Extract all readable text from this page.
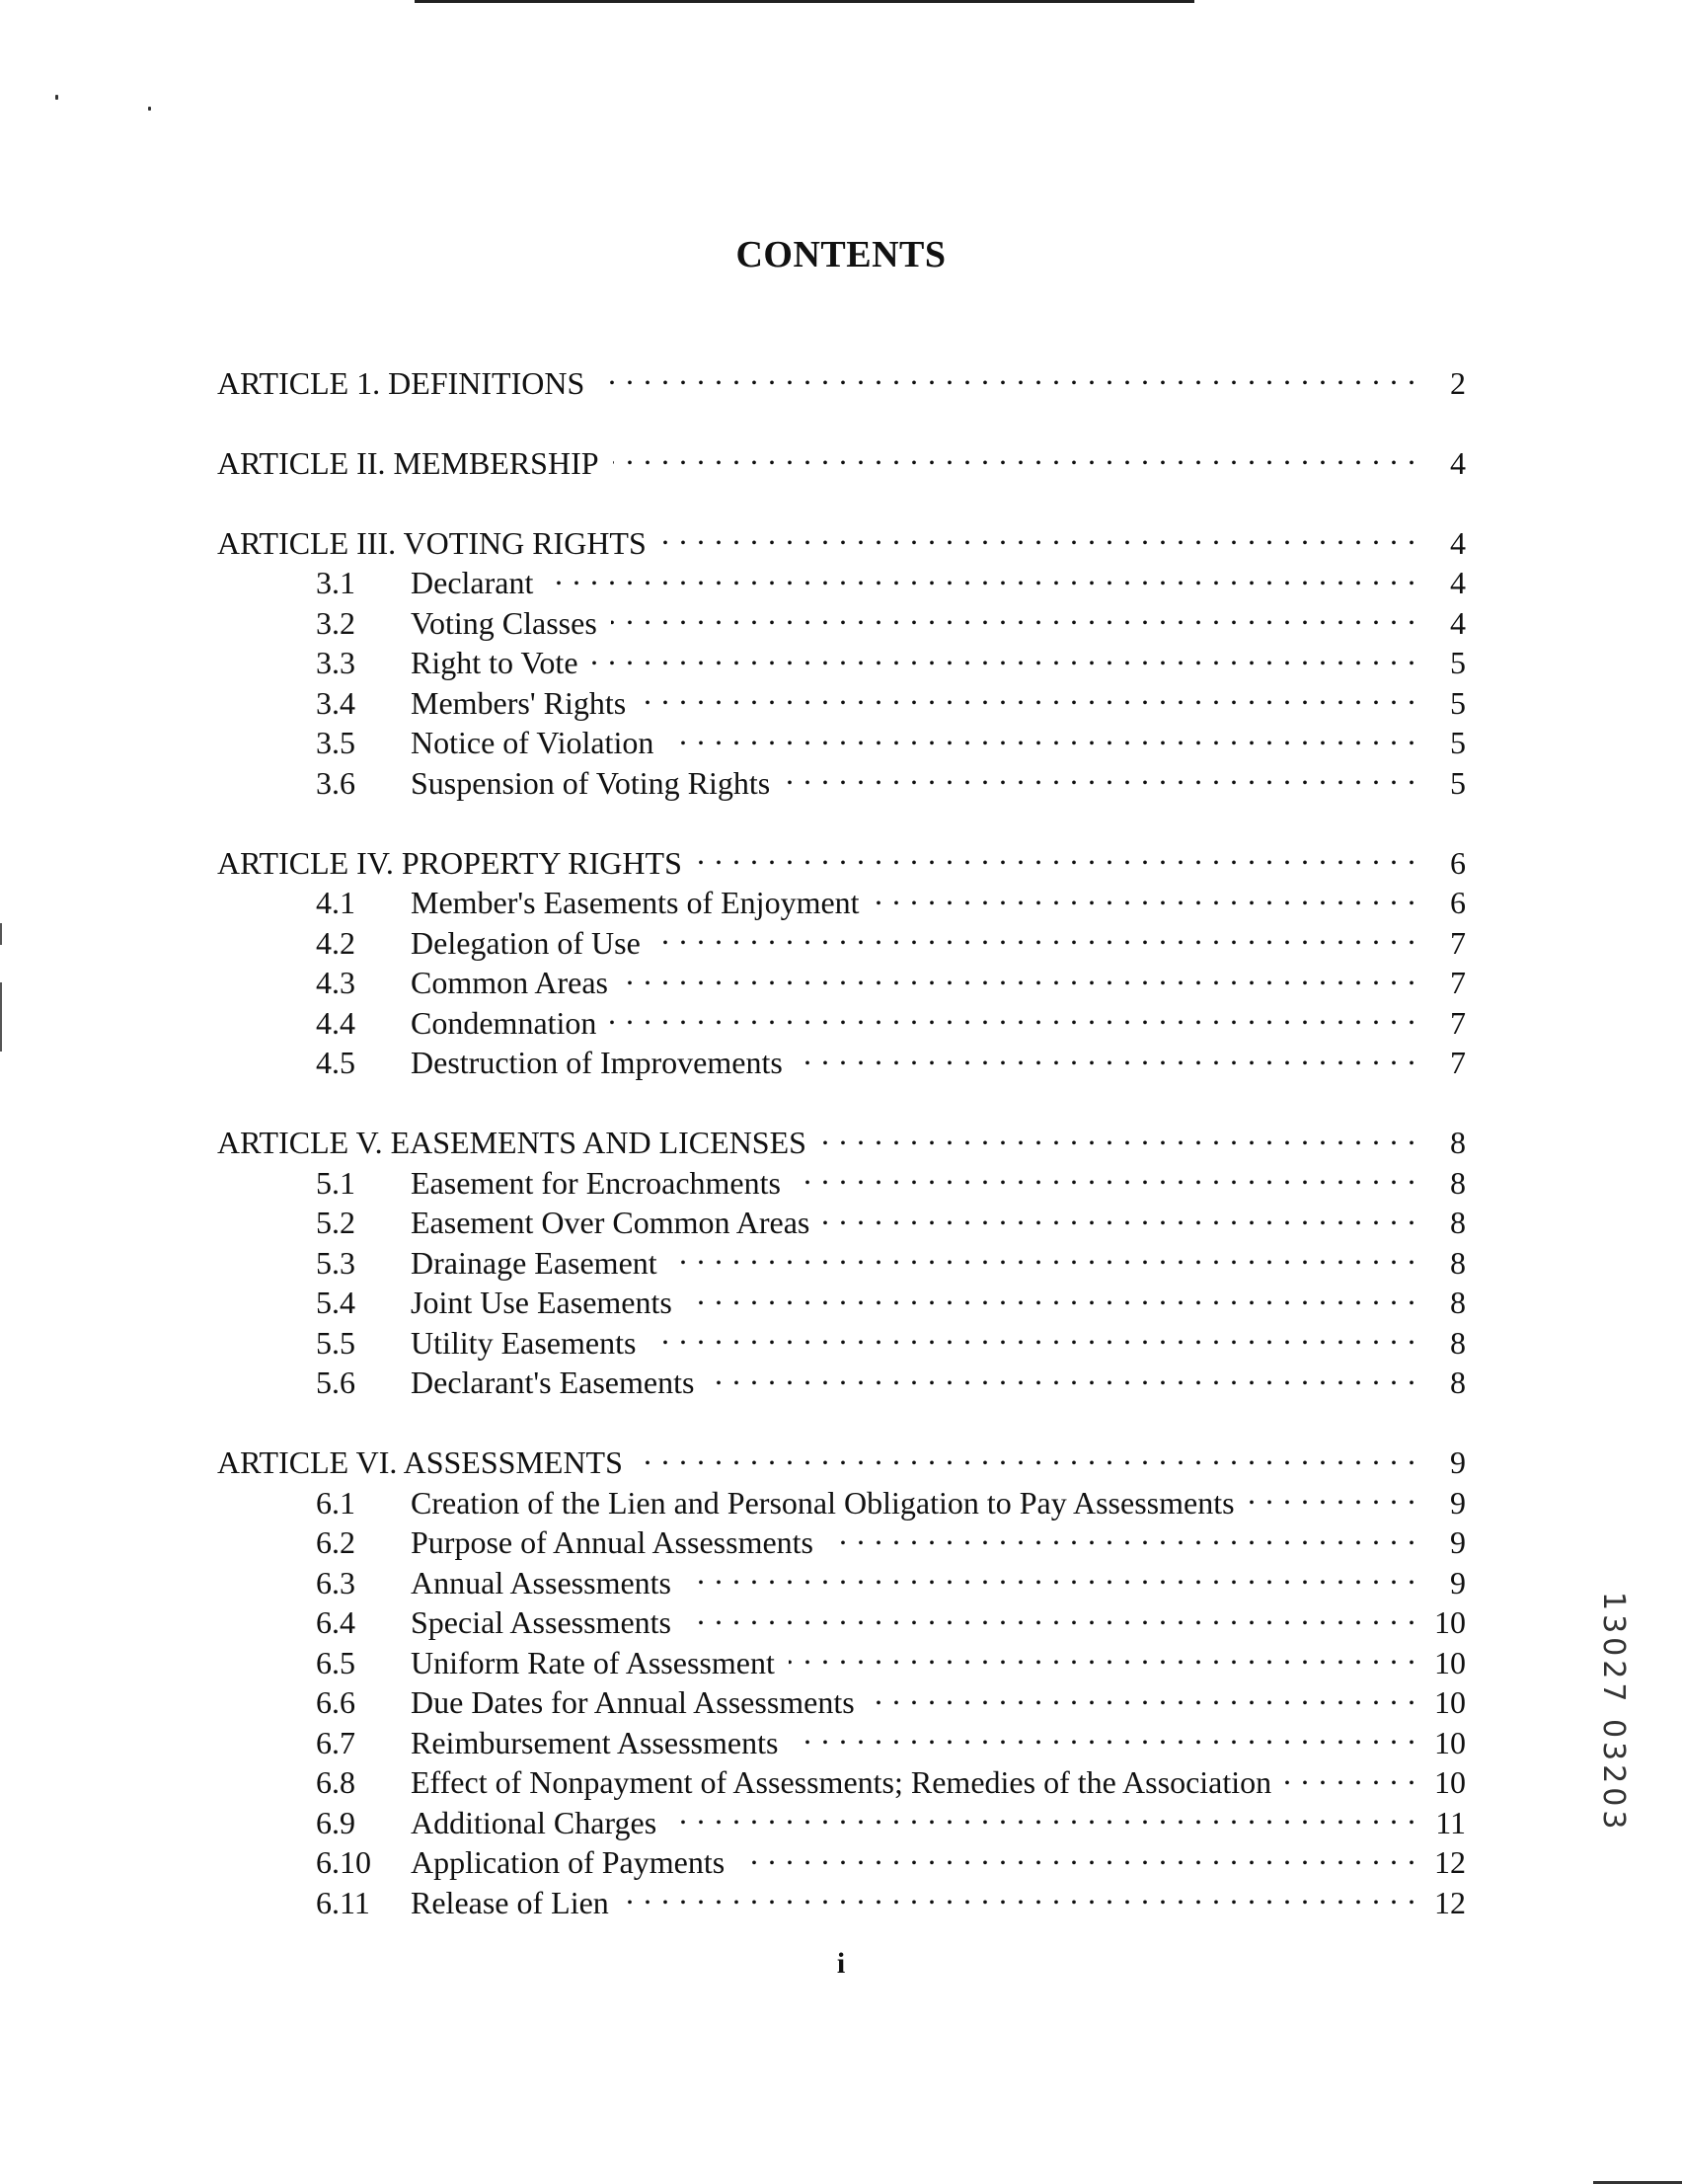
CONTENTS
ARTICLE 1. DEFINITIONS . . .	2
ARTICLE II. MEMBERSHIP . . .	4
ARTICLE III. VOTING RIGHTS . . .	4
3.1	Declarant . . .	4
3.2	Voting Classes . . .	4
3.3	Right to Vote . . .	5
3.4	Members' Rights . . .	5
3.5	Notice of Violation . . .	5
3.6	Suspension of Voting Rights . . .	5
ARTICLE IV. PROPERTY RIGHTS . . .	6
4.1	Member's Easements of Enjoyment . . .	6
4.2	Delegation of Use . . .	7
4.3	Common Areas . . .	7
4.4	Condemnation . . .	7
4.5	Destruction of Improvements . . .	7
ARTICLE V. EASEMENTS AND LICENSES . . .	8
5.1	Easement for Encroachments . . .	8
5.2	Easement Over Common Areas . . .	8
5.3	Drainage Easement . . .	8
5.4	Joint Use Easements . . .	8
5.5	Utility Easements . . .	8
5.6	Declarant's Easements . . .	8
ARTICLE VI. ASSESSMENTS . . .	9
6.1	Creation of the Lien and Personal Obligation to Pay Assessments . . .	9
6.2	Purpose of Annual Assessments . . .	9
6.3	Annual Assessments . . .	9
6.4	Special Assessments . . .	10
6.5	Uniform Rate of Assessment . . .	10
6.6	Due Dates for Annual Assessments . . .	10
6.7	Reimbursement Assessments . . .	10
6.8	Effect of Nonpayment of Assessments; Remedies of the Association . . .	10
6.9	Additional Charges . . .	11
6.10	Application of Payments . . .	12
6.11	Release of Lien . . .	12
i
13027 03203
